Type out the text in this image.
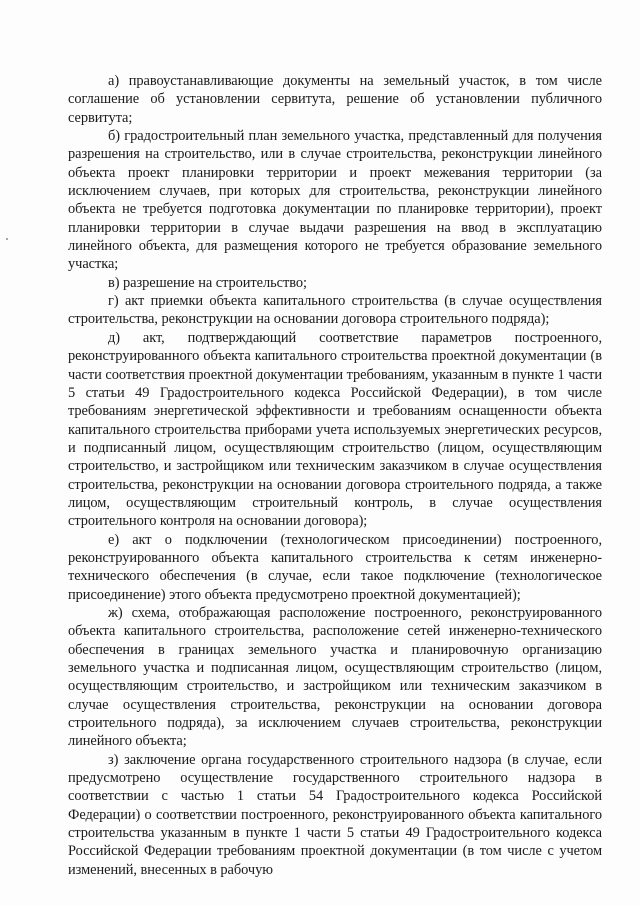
а) правоустанавливающие документы на земельный участок, в том числе соглашение об установлении сервитута, решение об установлении публичного сервитута;

б) градостроительный план земельного участка, представленный для получения разрешения на строительство, или в случае строительства, реконструкции линейного объекта проект планировки территории и проект межевания территории (за исключением случаев, при которых для строительства, реконструкции линейного объекта не требуется подготовка документации по планировке территории), проект планировки территории в случае выдачи разрешения на ввод в эксплуатацию линейного объекта, для размещения которого не требуется образование земельного участка;

в) разрешение на строительство;

г) акт приемки объекта капитального строительства (в случае осуществления строительства, реконструкции на основании договора строительного подряда);

д) акт, подтверждающий соответствие параметров построенного, реконструированного объекта капитального строительства проектной документации (в части соответствия проектной документации требованиям, указанным в пункте 1 части 5 статьи 49 Градостроительного кодекса Российской Федерации), в том числе требованиям энергетической эффективности и требованиям оснащенности объекта капитального строительства приборами учета используемых энергетических ресурсов, и подписанный лицом, осуществляющим строительство (лицом, осуществляющим строительство, и застройщиком или техническим заказчиком в случае осуществления строительства, реконструкции на основании договора строительного подряда, а также лицом, осуществляющим строительный контроль, в случае осуществления строительного контроля на основании договора);

е) акт о подключении (технологическом присоединении) построенного, реконструированного объекта капитального строительства к сетям инженерно-технического обеспечения (в случае, если такое подключение (технологическое присоединение) этого объекта предусмотрено проектной документацией);

ж) схема, отображающая расположение построенного, реконструированного объекта капитального строительства, расположение сетей инженерно-технического обеспечения в границах земельного участка и планировочную организацию земельного участка и подписанная лицом, осуществляющим строительство (лицом, осуществляющим строительство, и застройщиком или техническим заказчиком в случае осуществления строительства, реконструкции на основании договора строительного подряда), за исключением случаев строительства, реконструкции линейного объекта;

з) заключение органа государственного строительного надзора (в случае, если предусмотрено осуществление государственного строительного надзора в соответствии с частью 1 статьи 54 Градостроительного кодекса Российской Федерации) о соответствии построенного, реконструированного объекта капитального строительства указанным в пункте 1 части 5 статьи 49 Градостроительного кодекса Российской Федерации требованиям проектной документации (в том числе с учетом изменений, внесенных в рабочую
